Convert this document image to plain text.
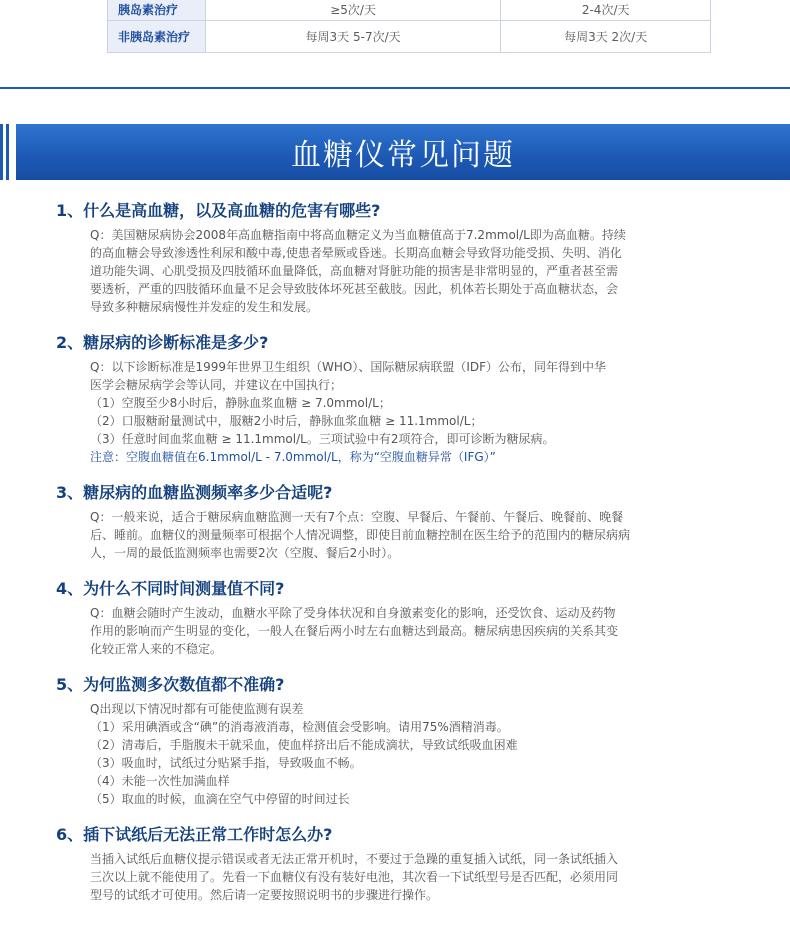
胰岛素治疗	≥5次/天	2-4次/天
非胰岛素治疗	每周3天 5-7次/天	每周3天 2次/天
血糖仪常见问题
1、什么是高血糖，以及高血糖的危害有哪些?

Q：美国糖尿病协会2008年高血糖指南中将高血糖定义为当血糖值高于7.2mmol/L即为高血糖。持续

的高血糖会导致渗透性利尿和酸中毒,使患者晕厥或昏迷。长期高血糖会导致肾功能受损、失明、消化

道功能失调、心肌受损及四肢循环血量降低，高血糖对肾脏功能的损害是非常明显的，严重者甚至需

要透析，严重的四肢循环血量不足会导致肢体坏死甚至截肢。因此，机体若长期处于高血糖状态，会

导致多种糖尿病慢性并发症的发生和发展。

2、糖尿病的诊断标准是多少?

Q：以下诊断标准是1999年世界卫生组织（WHO）、国际糖尿病联盟（IDF）公布，同年得到中华

医学会糖尿病学会等认同，并建议在中国执行；

（1）空腹至少8小时后，静脉血浆血糖 ≥ 7.0mmol/L；

（2）口服糖耐量测试中，服糖2小时后，静脉血浆血糖 ≥ 11.1mmol/L；

（3）任意时间血浆血糖 ≥ 11.1mmol/L。三项试验中有2项符合，即可诊断为糖尿病。

注意：空腹血糖值在6.1mmol/L - 7.0mmol/L，称为“空腹血糖异常（IFG）”

3、糖尿病的血糖监测频率多少合适呢?

Q：一般来说，适合于糖尿病血糖监测一天有7个点：空腹、早餐后、午餐前、午餐后、晚餐前、晚餐

后、睡前。血糖仪的测量频率可根据个人情况调整，即使目前血糖控制在医生给予的范围内的糖尿病病

人，一周的最低监测频率也需要2次（空腹、餐后2小时）。

4、为什么不同时间测量值不同?

Q：血糖会随时产生波动，血糖水平除了受身体状况和自身激素变化的影响，还受饮食、运动及药物

作用的影响而产生明显的变化，一般人在餐后两小时左右血糖达到最高。糖尿病患因疾病的关系其变

化较正常人来的不稳定。

5、为何监测多次数值都不准确?

Q出现以下情况时都有可能使监测有误差

（1）采用碘酒或含“碘”的消毒液消毒，检测值会受影响。请用75%酒精消毒。

（2）清毒后，手脂腹未干就采血，使血样挤出后不能成滴状，导致试纸吸血困难

（3）吸血时，试纸过分贴紧手指，导致吸血不畅。

（4）未能一次性加满血样

（5）取血的时候，血滴在空气中停留的时间过长

6、插下试纸后无法正常工作时怎么办?

当插入试纸后血糖仪提示错误或者无法正常开机时，不要过于急躁的重复插入试纸，同一条试纸插入

三次以上就不能使用了。先看一下血糖仪有没有装好电池，其次看一下试纸型号是否匹配，必须用同

型号的试纸才可使用。然后请一定要按照说明书的步骤进行操作。
